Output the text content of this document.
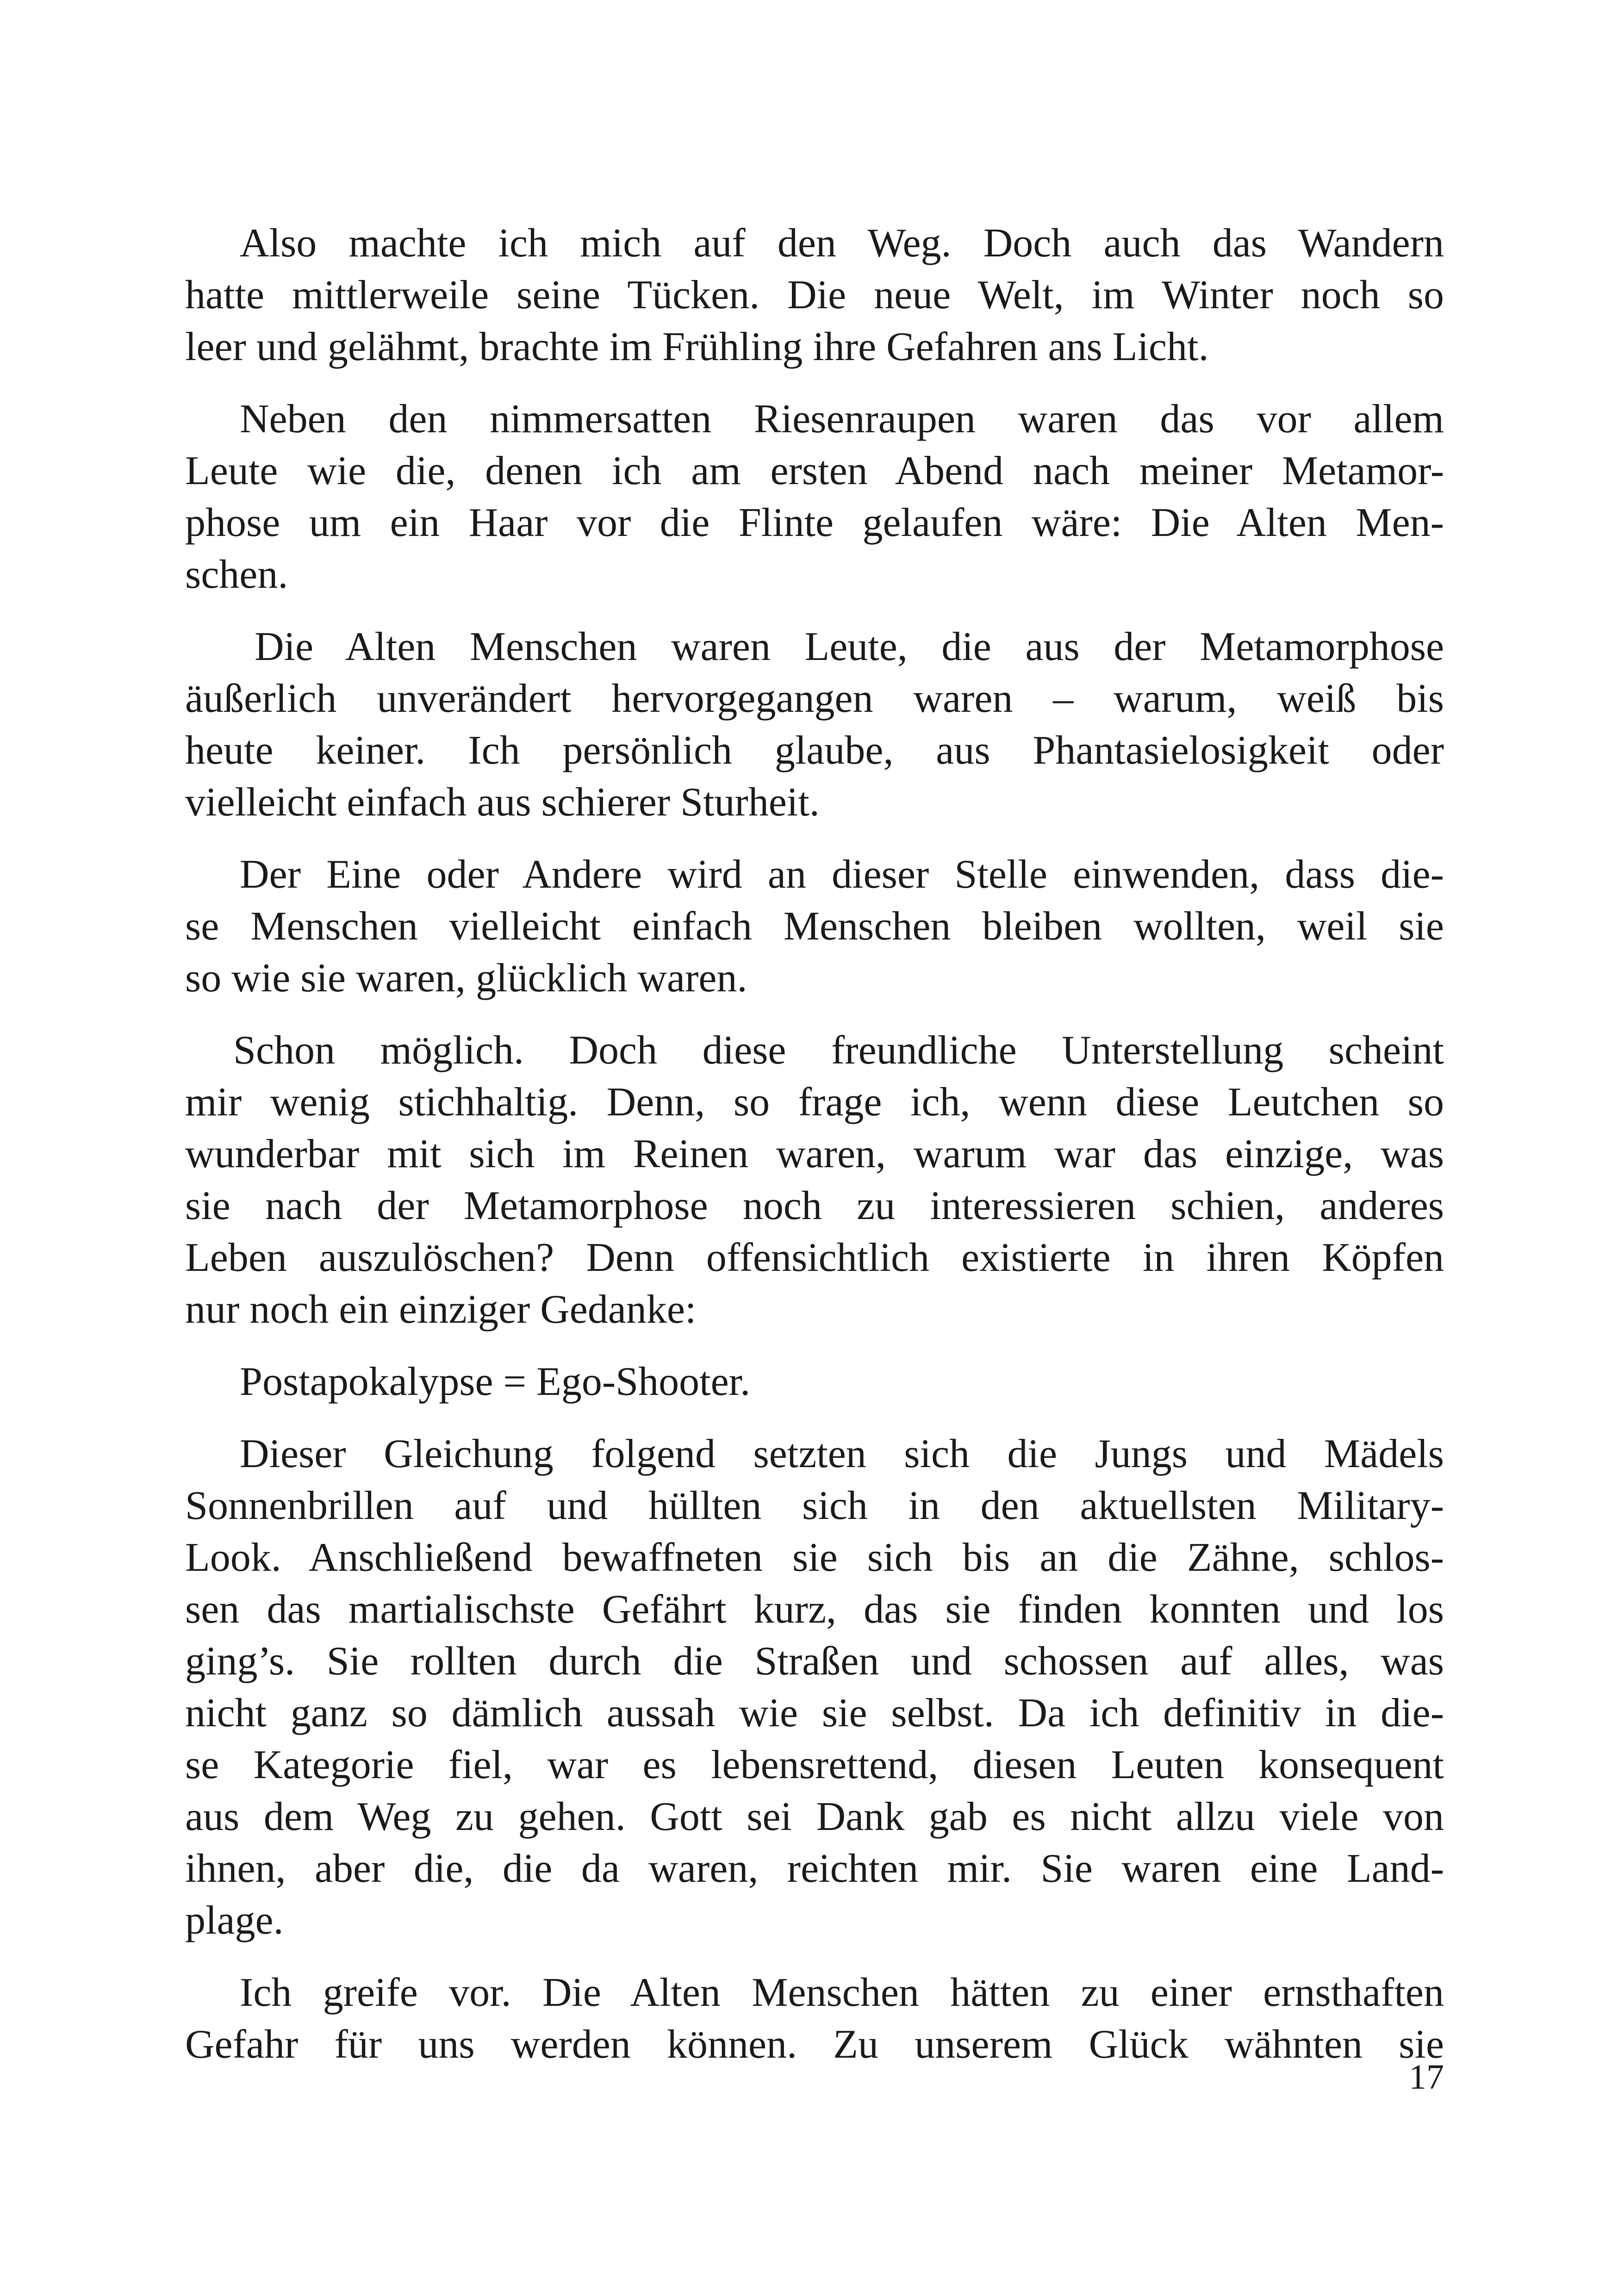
Also machte ich mich auf den Weg. Doch auch das Wandern
hatte mittlerweile seine Tücken. Die neue Welt, im Winter noch so
leer und gelähmt, brachte im Frühling ihre Gefahren ans Licht.
Neben den nimmersatten Riesenraupen waren das vor allem
Leute wie die, denen ich am ersten Abend nach meiner Metamor-
phose um ein Haar vor die Flinte gelaufen wäre: Die Alten Men-
schen.
Die Alten Menschen waren Leute, die aus der Metamorphose
äußerlich unverändert hervorgegangen waren – warum, weiß bis
heute keiner. Ich persönlich glaube, aus Phantasielosigkeit oder
vielleicht einfach aus schierer Sturheit.
Der Eine oder Andere wird an dieser Stelle einwenden, dass die-
se Menschen vielleicht einfach Menschen bleiben wollten, weil sie
so wie sie waren, glücklich waren.
Schon möglich. Doch diese freundliche Unterstellung scheint
mir wenig stichhaltig. Denn, so frage ich, wenn diese Leutchen so
wunderbar mit sich im Reinen waren, warum war das einzige, was
sie nach der Metamorphose noch zu interessieren schien, anderes
Leben auszulöschen? Denn offensichtlich existierte in ihren Köpfen
nur noch ein einziger Gedanke:
Postapokalypse = Ego-Shooter.
Dieser Gleichung folgend setzten sich die Jungs und Mädels
Sonnenbrillen auf und hüllten sich in den aktuellsten Military-
Look. Anschließend bewaffneten sie sich bis an die Zähne, schlos-
sen das martialischste Gefährt kurz, das sie finden konnten und los
ging’s. Sie rollten durch die Straßen und schossen auf alles, was
nicht ganz so dämlich aussah wie sie selbst. Da ich definitiv in die-
se Kategorie fiel, war es lebensrettend, diesen Leuten konsequent
aus dem Weg zu gehen. Gott sei Dank gab es nicht allzu viele von
ihnen, aber die, die da waren, reichten mir. Sie waren eine Land-
plage.
Ich greife vor. Die Alten Menschen hätten zu einer ernsthaften
Gefahr für uns werden können. Zu unserem Glück wähnten sie
17
